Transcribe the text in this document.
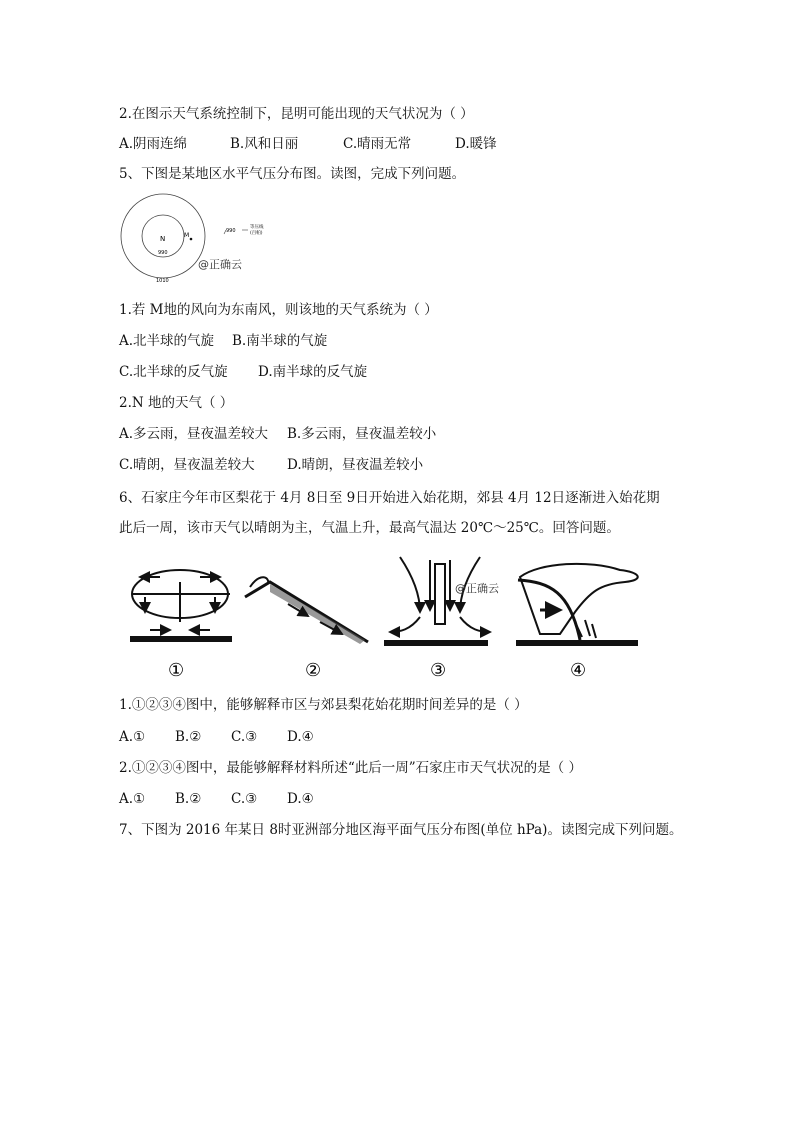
2.在图示天气系统控制下，昆明可能出现的天气状况为（ ）
A.阴雨连绵	B.风和日丽	C.晴雨无常	D.暖锋
5、下图是某地区水平气压分布图。读图，完成下列问题。
N	M
990
1010
990
等压线
(百帕)
@正确云
1.若 M地的风向为东南风，则该地的天气系统为（ ）
A.北半球的气旋 B.南半球的气旋
C.北半球的反气旋 D.南半球的反气旋
2.N 地的天气（ ）
A.多云雨，昼夜温差较大 B.多云雨，昼夜温差较小
C.晴朗，昼夜温差较大 D.晴朗，昼夜温差较小
6、石家庄今年市区梨花于 4月 8日至 9日开始进入始花期，郊县 4月 12日逐渐进入始花期
此后一周，该市天气以晴朗为主，气温上升，最高气温达 20℃～25℃。回答问题。
①	②	③	④
@正确云
1.①②③④图中，能够解释市区与郊县梨花始花期时间差异的是（ ）
A.① B.② C.③ D.④
2.①②③④图中，最能够解释材料所述“此后一周”石家庄市天气状况的是（ ）
A.① B.② C.③ D.④
7、下图为 2016 年某日 8时亚洲部分地区海平面气压分布图(单位 hPa)。读图完成下列问题。
